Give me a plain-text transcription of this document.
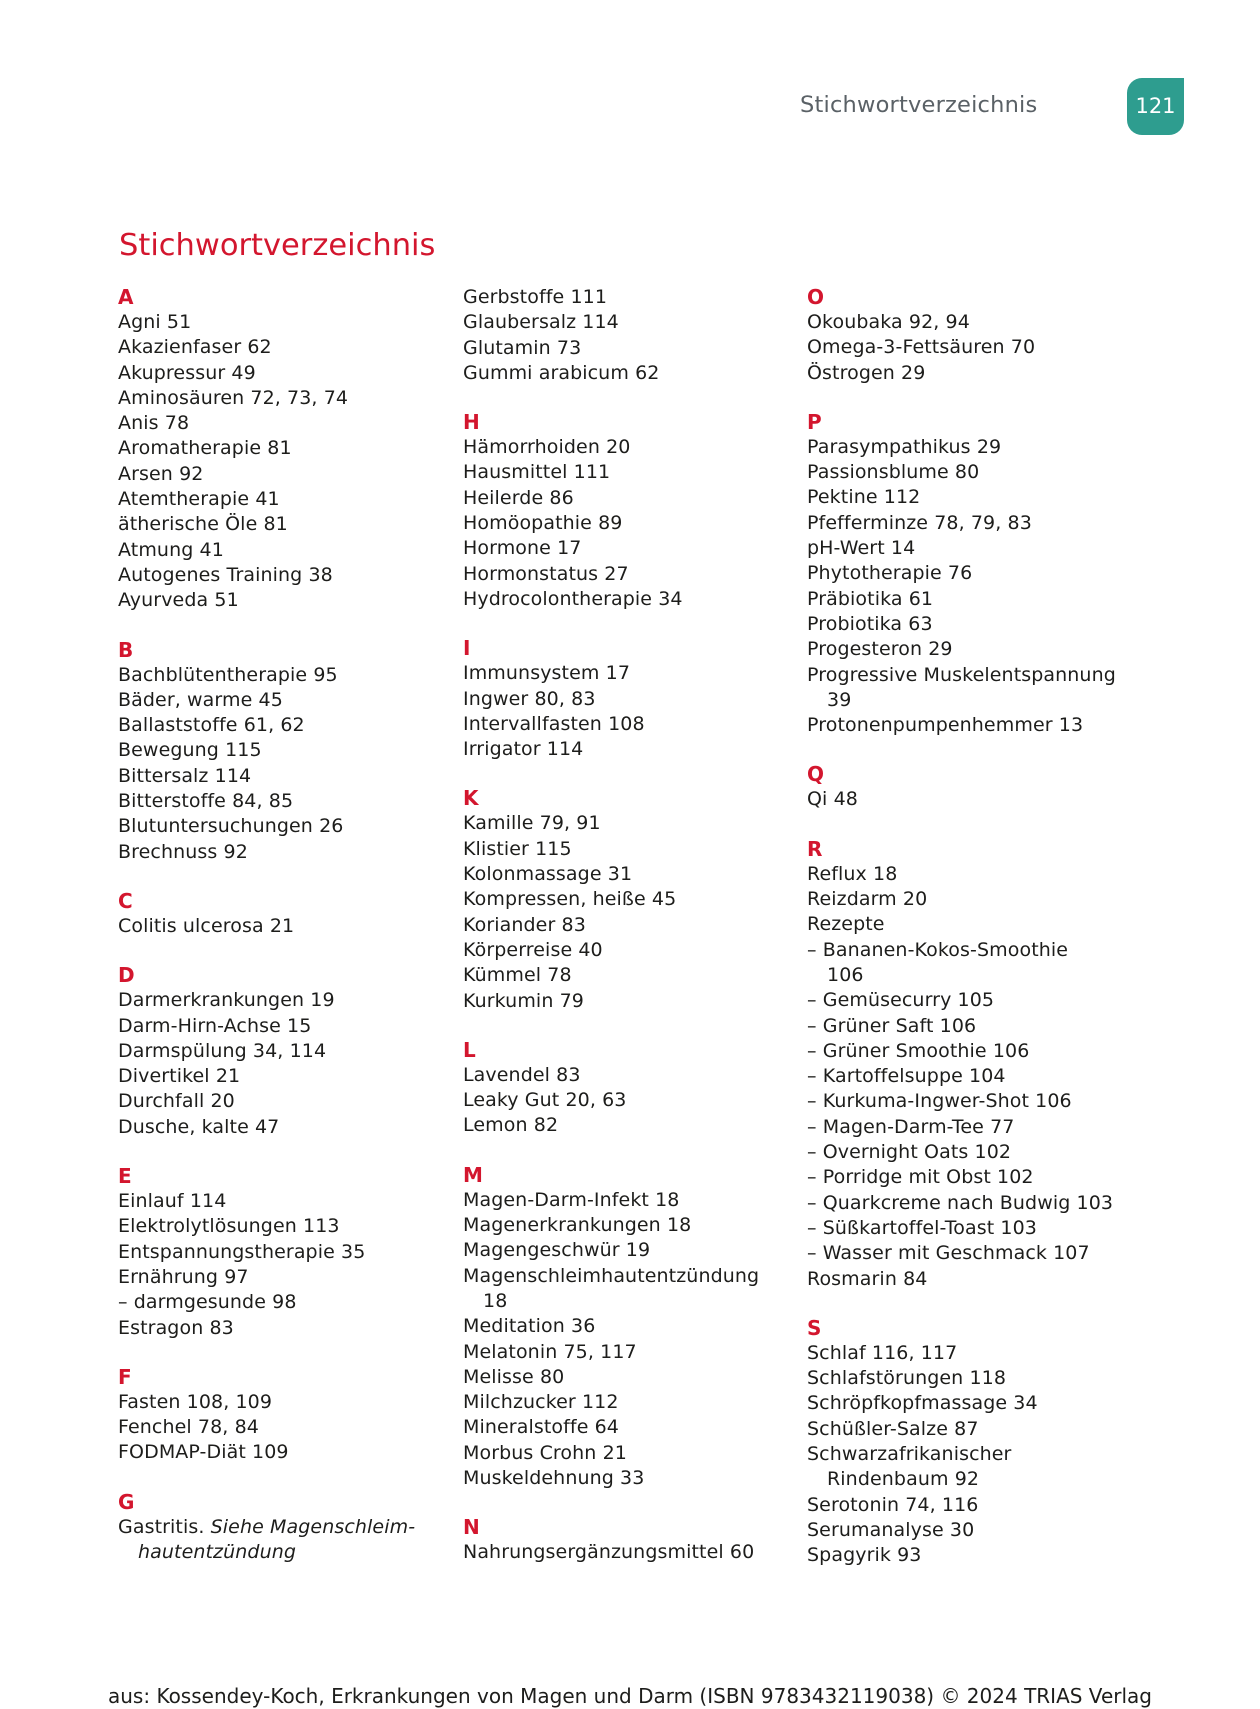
Stichwortverzeichnis	121
Stichwortverzeichnis
A
Agni 51
Akazienfaser 62
Akupressur 49
Aminosäuren 72, 73, 74
Anis 78
Aromatherapie 81
Arsen 92
Atemtherapie 41
ätherische Öle 81
Atmung 41
Autogenes Training 38
Ayurveda 51
B
Bachblütentherapie 95
Bäder, warme 45
Ballaststoffe 61, 62
Bewegung 115
Bittersalz 114
Bitterstoffe 84, 85
Blutuntersuchungen 26
Brechnuss 92
C
Colitis ulcerosa 21
D
Darmerkrankungen 19
Darm-Hirn-Achse 15
Darmspülung 34, 114
Divertikel 21
Durchfall 20
Dusche, kalte 47
E
Einlauf 114
Elektrolytlösungen 113
Entspannungstherapie 35
Ernährung 97
– darmgesunde 98
Estragon 83
F
Fasten 108, 109
Fenchel 78, 84
FODMAP-Diät 109
G
Gastritis. Siehe Magenschleim-
hautentzündung
Gerbstoffe 111
Glaubersalz 114
Glutamin 73
Gummi arabicum 62
H
Hämorrhoiden 20
Hausmittel 111
Heilerde 86
Homöopathie 89
Hormone 17
Hormonstatus 27
Hydrocolontherapie 34
I
Immunsystem 17
Ingwer 80, 83
Intervallfasten 108
Irrigator 114
K
Kamille 79, 91
Klistier 115
Kolonmassage 31
Kompressen, heiße 45
Koriander 83
Körperreise 40
Kümmel 78
Kurkumin 79
L
Lavendel 83
Leaky Gut 20, 63
Lemon 82
M
Magen-Darm-Infekt 18
Magenerkrankungen 18
Magengeschwür 19
Magenschleimhautentzündung
18
Meditation 36
Melatonin 75, 117
Melisse 80
Milchzucker 112
Mineralstoffe 64
Morbus Crohn 21
Muskeldehnung 33
N
Nahrungsergänzungsmittel 60
O
Okoubaka 92, 94
Omega-3-Fettsäuren 70
Östrogen 29
P
Parasympathikus 29
Passionsblume 80
Pektine 112
Pfefferminze 78, 79, 83
pH-Wert 14
Phytotherapie 76
Präbiotika 61
Probiotika 63
Progesteron 29
Progressive Muskelentspannung
39
Protonenpumpenhemmer 13
Q
Qi 48
R
Reflux 18
Reizdarm 20
Rezepte
– Bananen-Kokos-Smoothie
106
– Gemüsecurry 105
– Grüner Saft 106
– Grüner Smoothie 106
– Kartoffelsuppe 104
– Kurkuma-Ingwer-Shot 106
– Magen-Darm-Tee 77
– Overnight Oats 102
– Porridge mit Obst 102
– Quarkcreme nach Budwig 103
– Süßkartoffel-Toast 103
– Wasser mit Geschmack 107
Rosmarin 84
S
Schlaf 116, 117
Schlafstörungen 118
Schröpfkopfmassage 34
Schüßler-Salze 87
Schwarzafrikanischer
Rindenbaum 92
Serotonin 74, 116
Serumanalyse 30
Spagyrik 93
aus: Kossendey-Koch, Erkrankungen von Magen und Darm (ISBN 9783432119038) © 2024 TRIAS Verlag
